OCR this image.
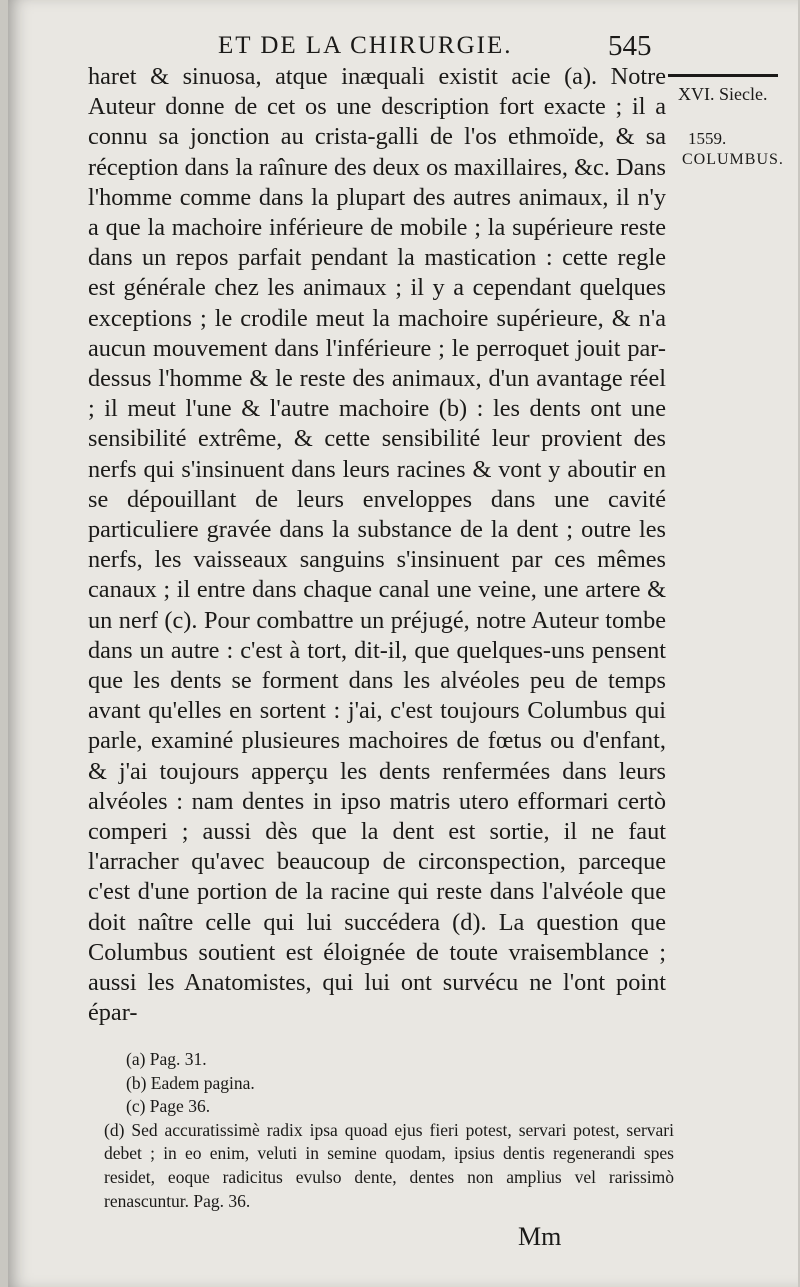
ET DE LA CHIRURGIE.	545

haret & sinuosa, atque inæquali existit acie (a). Notre Auteur donne de cet os une description fort exacte ; il a connu sa jonction au crista-galli de l'os ethmoïde, & sa réception dans la raînure des deux os maxillaires, &c. Dans l'homme comme dans la plupart des autres animaux, il n'y a que la machoire inférieure de mobile ; la supérieure reste dans un repos parfait pendant la mastication : cette regle est générale chez les animaux ; il y a cependant quelques exceptions ; le crodile meut la machoire supérieure, & n'a aucun mouvement dans l'inférieure ; le perroquet jouit par-dessus l'homme & le reste des animaux, d'un avantage réel ; il meut l'une & l'autre machoire (b) : les dents ont une sensibilité extrême, & cette sensibilité leur provient des nerfs qui s'insinuent dans leurs racines & vont y aboutir en se dépouillant de leurs enveloppes dans une cavité particuliere gravée dans la substance de la dent ; outre les nerfs, les vaisseaux sanguins s'insinuent par ces mêmes canaux ; il entre dans chaque canal une veine, une artere & un nerf (c). Pour combattre un préjugé, notre Auteur tombe dans un autre : c'est à tort, dit-il, que quelques-uns pensent que les dents se forment dans les alvéoles peu de temps avant qu'elles en sortent : j'ai, c'est toujours Columbus qui parle, examiné plusieures machoires de fœtus ou d'enfant, & j'ai toujours apperçu les dents renfermées dans leurs alvéoles : nam dentes in ipso matris utero efformari certò comperi ; aussi dès que la dent est sortie, il ne faut l'arracher qu'avec beaucoup de circonspection, parceque c'est d'une portion de la racine qui reste dans l'alvéole que doit naître celle qui lui succédera (d). La question que Columbus soutient est éloignée de toute vraisemblance ; aussi les Anatomistes, qui lui ont survécu ne l'ont point épar-

XVI. Siecle.
1559.
COLUMBUS.

(a) Pag. 31.

(b) Eadem pagina.

(c) Page 36.

(d) Sed accuratissimè radix ipsa quoad ejus fieri potest, servari potest, servari debet ; in eo enim, veluti in semine quodam, ipsius dentis regenerandi spes residet, eoque radicitus evulso dente, dentes non amplius vel rarissimò renascuntur. Pag. 36.

Mm
